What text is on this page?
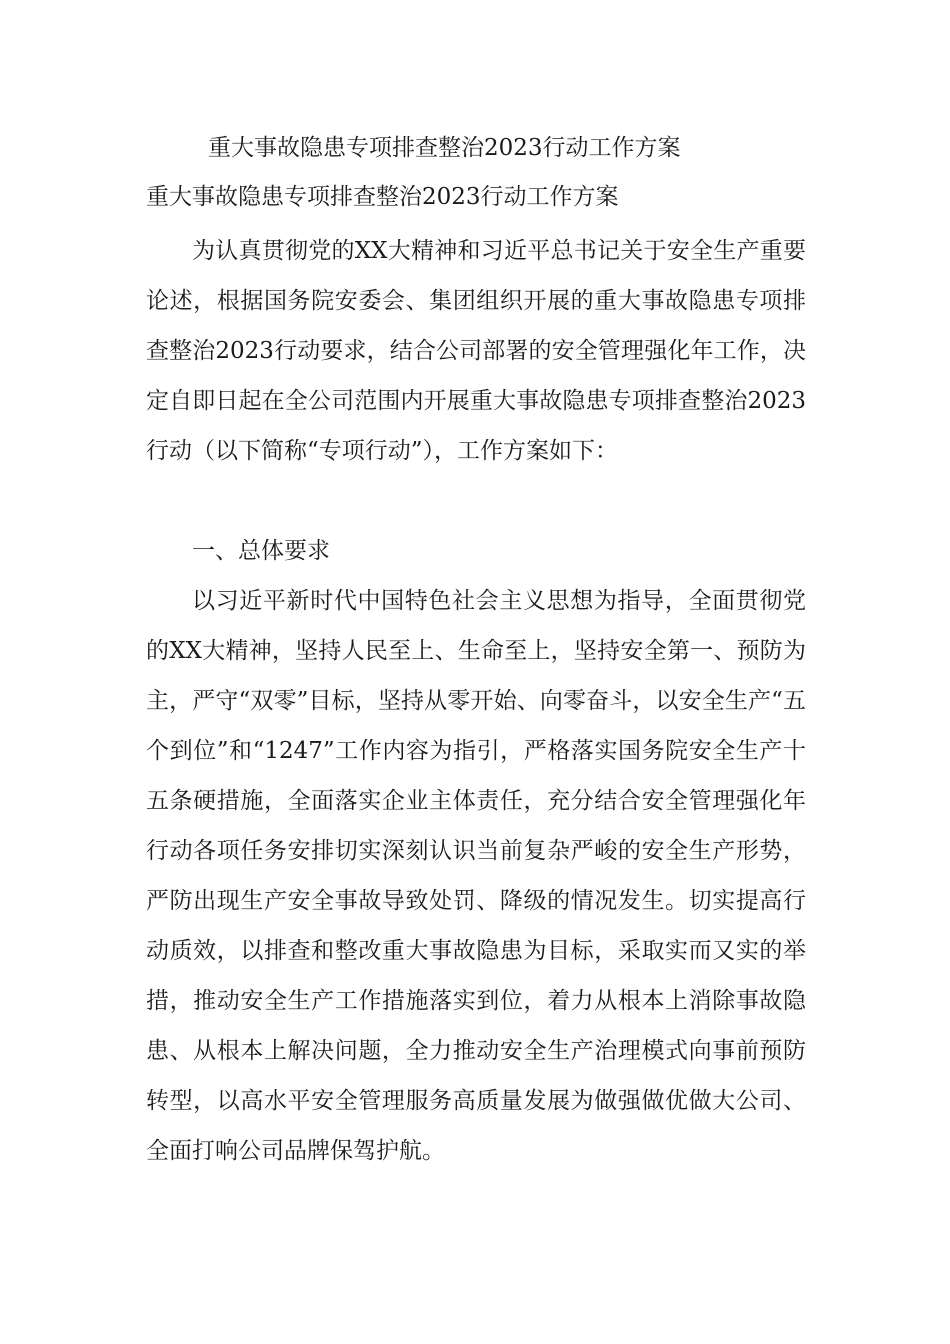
重大事故隐患专项排查整治2023行动工作方案
重大事故隐患专项排查整治2023行动工作方案

为认真贯彻党的XX大精神和习近平总书记关于安全生产重要论述，根据国务院安委会、集团组织开展的重大事故隐患专项排查整治2023行动要求，结合公司部署的安全管理强化年工作，决定自即日起在全公司范围内开展重大事故隐患专项排查整治2023行动（以下简称“专项行动”），工作方案如下：

一、总体要求

以习近平新时代中国特色社会主义思想为指导，全面贯彻党的XX大精神，坚持人民至上、生命至上，坚持安全第一、预防为主，严守“双零”目标，坚持从零开始、向零奋斗，以安全生产“五个到位”和“1247”工作内容为指引，严格落实国务院安全生产十五条硬措施，全面落实企业主体责任，充分结合安全管理强化年行动各项任务安排切实深刻认识当前复杂严峻的安全生产形势，严防出现生产安全事故导致处罚、降级的情况发生。切实提高行动质效，以排查和整改重大事故隐患为目标，采取实而又实的举措，推动安全生产工作措施落实到位，着力从根本上消除事故隐患、从根本上解决问题，全力推动安全生产治理模式向事前预防转型，以高水平安全管理服务高质量发展为做强做优做大公司、全面打响公司品牌保驾护航。
